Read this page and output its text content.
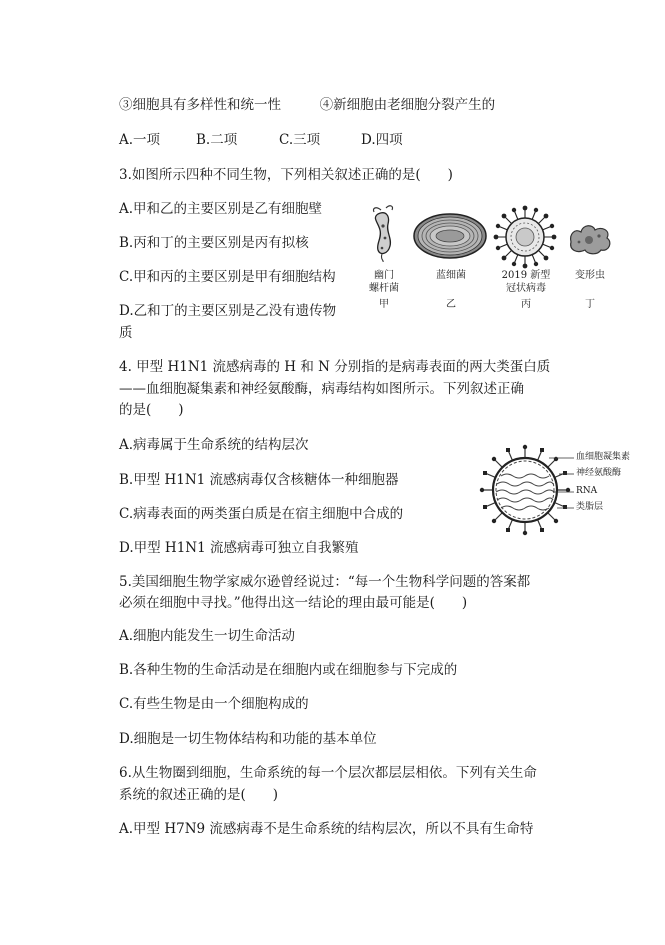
③细胞具有多样性和统一性	④新细胞由老细胞分裂产生的
A.一项	B.二项	C.三项	D.四项
3.如图所示四种不同生物，下列相关叙述正确的是(　　)
A.甲和乙的主要区别是乙有细胞壁
B.丙和丁的主要区别是丙有拟核
C.甲和丙的主要区别是甲有细胞结构
D.乙和丁的主要区别是乙没有遗传物
质
幽门
螺杆菌
蓝细菌	2019 新型
冠状病毒
变形虫
甲	乙	丙	丁
4. 甲型 H1N1 流感病毒的 H 和 N 分别指的是病毒表面的两大类蛋白质
——血细胞凝集素和神经氨酸酶，病毒结构如图所示。下列叙述正确
的是(　　)
A.病毒属于生命系统的结构层次
B.甲型 H1N1 流感病毒仅含核糖体一种细胞器
C.病毒表面的两类蛋白质是在宿主细胞中合成的
D.甲型 H1N1 流感病毒可独立自我繁殖
血细胞凝集素
神经氨酸酶
RNA
类脂层
5.美国细胞生物学家威尔逊曾经说过：“每一个生物科学问题的答案都
必须在细胞中寻找。”他得出这一结论的理由最可能是(　　)
A.细胞内能发生一切生命活动
B.各种生物的生命活动是在细胞内或在细胞参与下完成的
C.有些生物是由一个细胞构成的
D.细胞是一切生物体结构和功能的基本单位
6.从生物圈到细胞，生命系统的每一个层次都层层相依。下列有关生命
系统的叙述正确的是(　　)
A.甲型 H7N9 流感病毒不是生命系统的结构层次，所以不具有生命特
